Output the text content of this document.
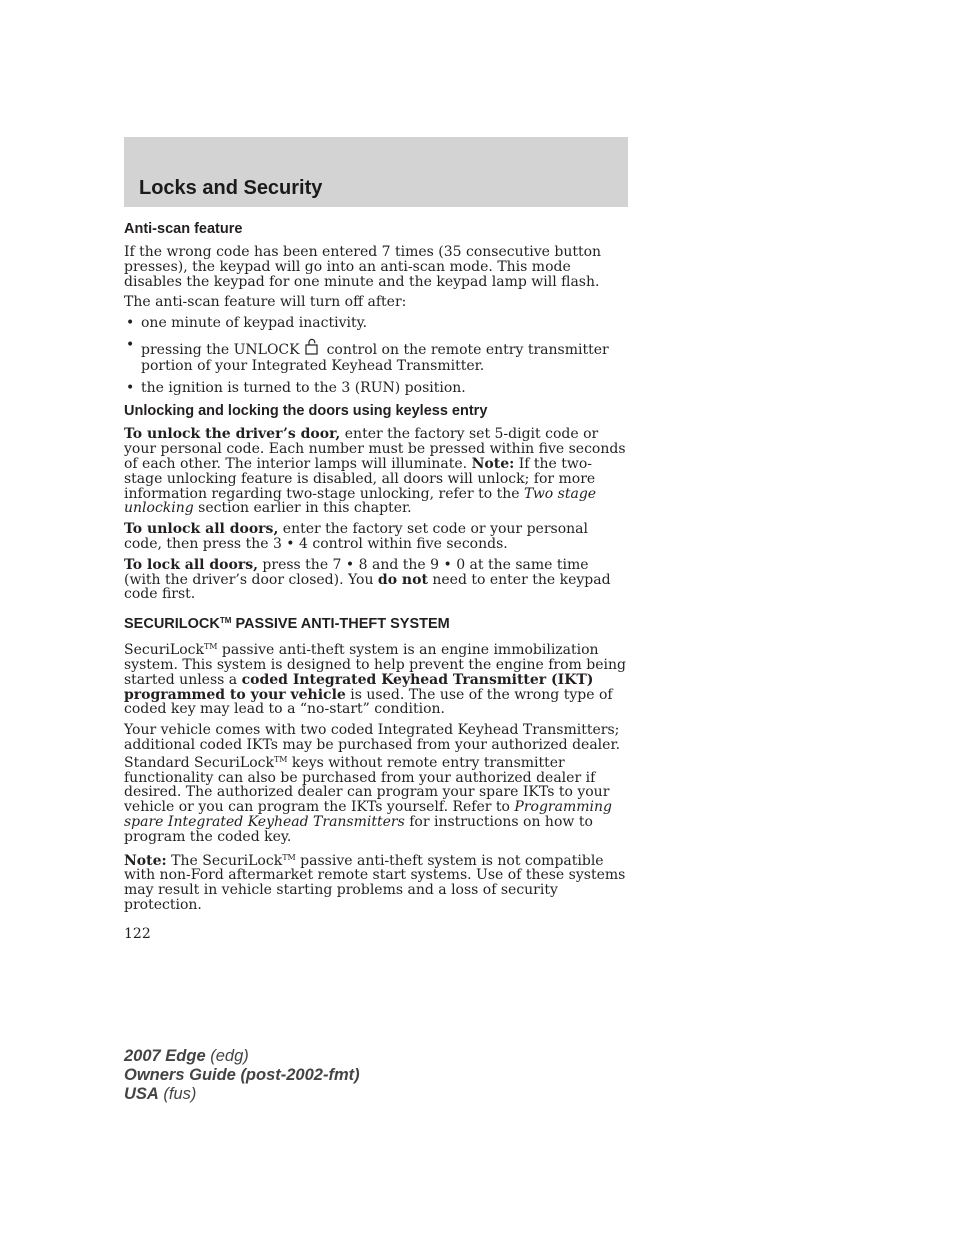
Locks and Security
Anti-scan feature

If the wrong code has been entered 7 times (35 consecutive button presses), the keypad will go into an anti-scan mode. This mode disables the keypad for one minute and the keypad lamp will flash.

The anti-scan feature will turn off after:

• one minute of keypad inactivity.
• pressing the UNLOCK control on the remote entry transmitter portion of your Integrated Keyhead Transmitter.
• the ignition is turned to the 3 (RUN) position.
Unlocking and locking the doors using keyless entry

To unlock the driver’s door, enter the factory set 5-digit code or your personal code. Each number must be pressed within five seconds of each other. The interior lamps will illuminate. Note: If the two-stage unlocking feature is disabled, all doors will unlock; for more information regarding two-stage unlocking, refer to the Two stage unlocking section earlier in this chapter.

To unlock all doors, enter the factory set code or your personal code, then press the 3 • 4 control within five seconds.

To lock all doors, press the 7 • 8 and the 9 • 0 at the same time (with the driver’s door closed). You do not need to enter the keypad code first.

SECURILOCK™ PASSIVE ANTI-THEFT SYSTEM

SecuriLock™ passive anti-theft system is an engine immobilization system. This system is designed to help prevent the engine from being started unless a coded Integrated Keyhead Transmitter (IKT) programmed to your vehicle is used. The use of the wrong type of coded key may lead to a “no-start” condition.

Your vehicle comes with two coded Integrated Keyhead Transmitters; additional coded IKTs may be purchased from your authorized dealer. Standard SecuriLock™ keys without remote entry transmitter functionality can also be purchased from your authorized dealer if desired. The authorized dealer can program your spare IKTs to your vehicle or you can program the IKTs yourself. Refer to Programming spare Integrated Keyhead Transmitters for instructions on how to program the coded key.

Note: The SecuriLock™ passive anti-theft system is not compatible with non-Ford aftermarket remote start systems. Use of these systems may result in vehicle starting problems and a loss of security protection.

122
2007 Edge (edg)
Owners Guide (post-2002-fmt)
USA (fus)
